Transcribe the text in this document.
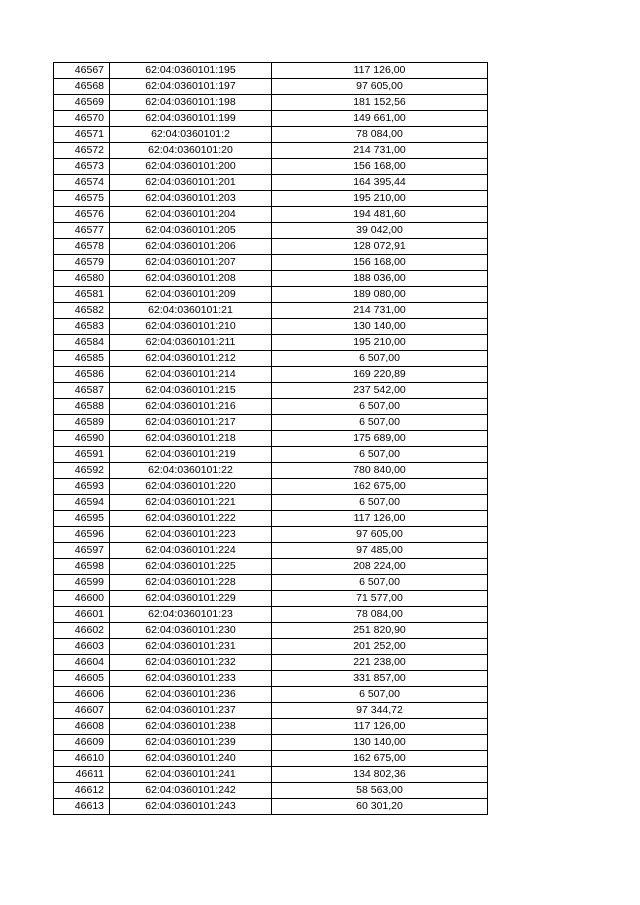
46567	62:04:0360101:195	117 126,00
46568	62:04:0360101:197	97 605,00
46569	62:04:0360101:198	181 152,56
46570	62:04:0360101:199	149 661,00
46571	62:04:0360101:2	78 084,00
46572	62:04:0360101:20	214 731,00
46573	62:04:0360101:200	156 168,00
46574	62:04:0360101:201	164 395,44
46575	62:04:0360101:203	195 210,00
46576	62:04:0360101:204	194 481,60
46577	62:04:0360101:205	39 042,00
46578	62:04:0360101:206	128 072,91
46579	62:04:0360101:207	156 168,00
46580	62:04:0360101:208	188 036,00
46581	62:04:0360101:209	189 080,00
46582	62:04:0360101:21	214 731,00
46583	62:04:0360101:210	130 140,00
46584	62:04:0360101:211	195 210,00
46585	62:04:0360101:212	6 507,00
46586	62:04:0360101:214	169 220,89
46587	62:04:0360101:215	237 542,00
46588	62:04:0360101:216	6 507,00
46589	62:04:0360101:217	6 507,00
46590	62:04:0360101:218	175 689,00
46591	62:04:0360101:219	6 507,00
46592	62:04:0360101:22	780 840,00
46593	62:04:0360101:220	162 675,00
46594	62:04:0360101:221	6 507,00
46595	62:04:0360101:222	117 126,00
46596	62:04:0360101:223	97 605,00
46597	62:04:0360101:224	97 485,00
46598	62:04:0360101:225	208 224,00
46599	62:04:0360101:228	6 507,00
46600	62:04:0360101:229	71 577,00
46601	62:04:0360101:23	78 084,00
46602	62:04:0360101:230	251 820,90
46603	62:04:0360101:231	201 252,00
46604	62:04:0360101:232	221 238,00
46605	62:04:0360101:233	331 857,00
46606	62:04:0360101:236	6 507,00
46607	62:04:0360101:237	97 344,72
46608	62:04:0360101:238	117 126,00
46609	62:04:0360101:239	130 140,00
46610	62:04:0360101:240	162 675,00
46611	62:04:0360101:241	134 802,36
46612	62:04:0360101:242	58 563,00
46613	62:04:0360101:243	60 301,20
